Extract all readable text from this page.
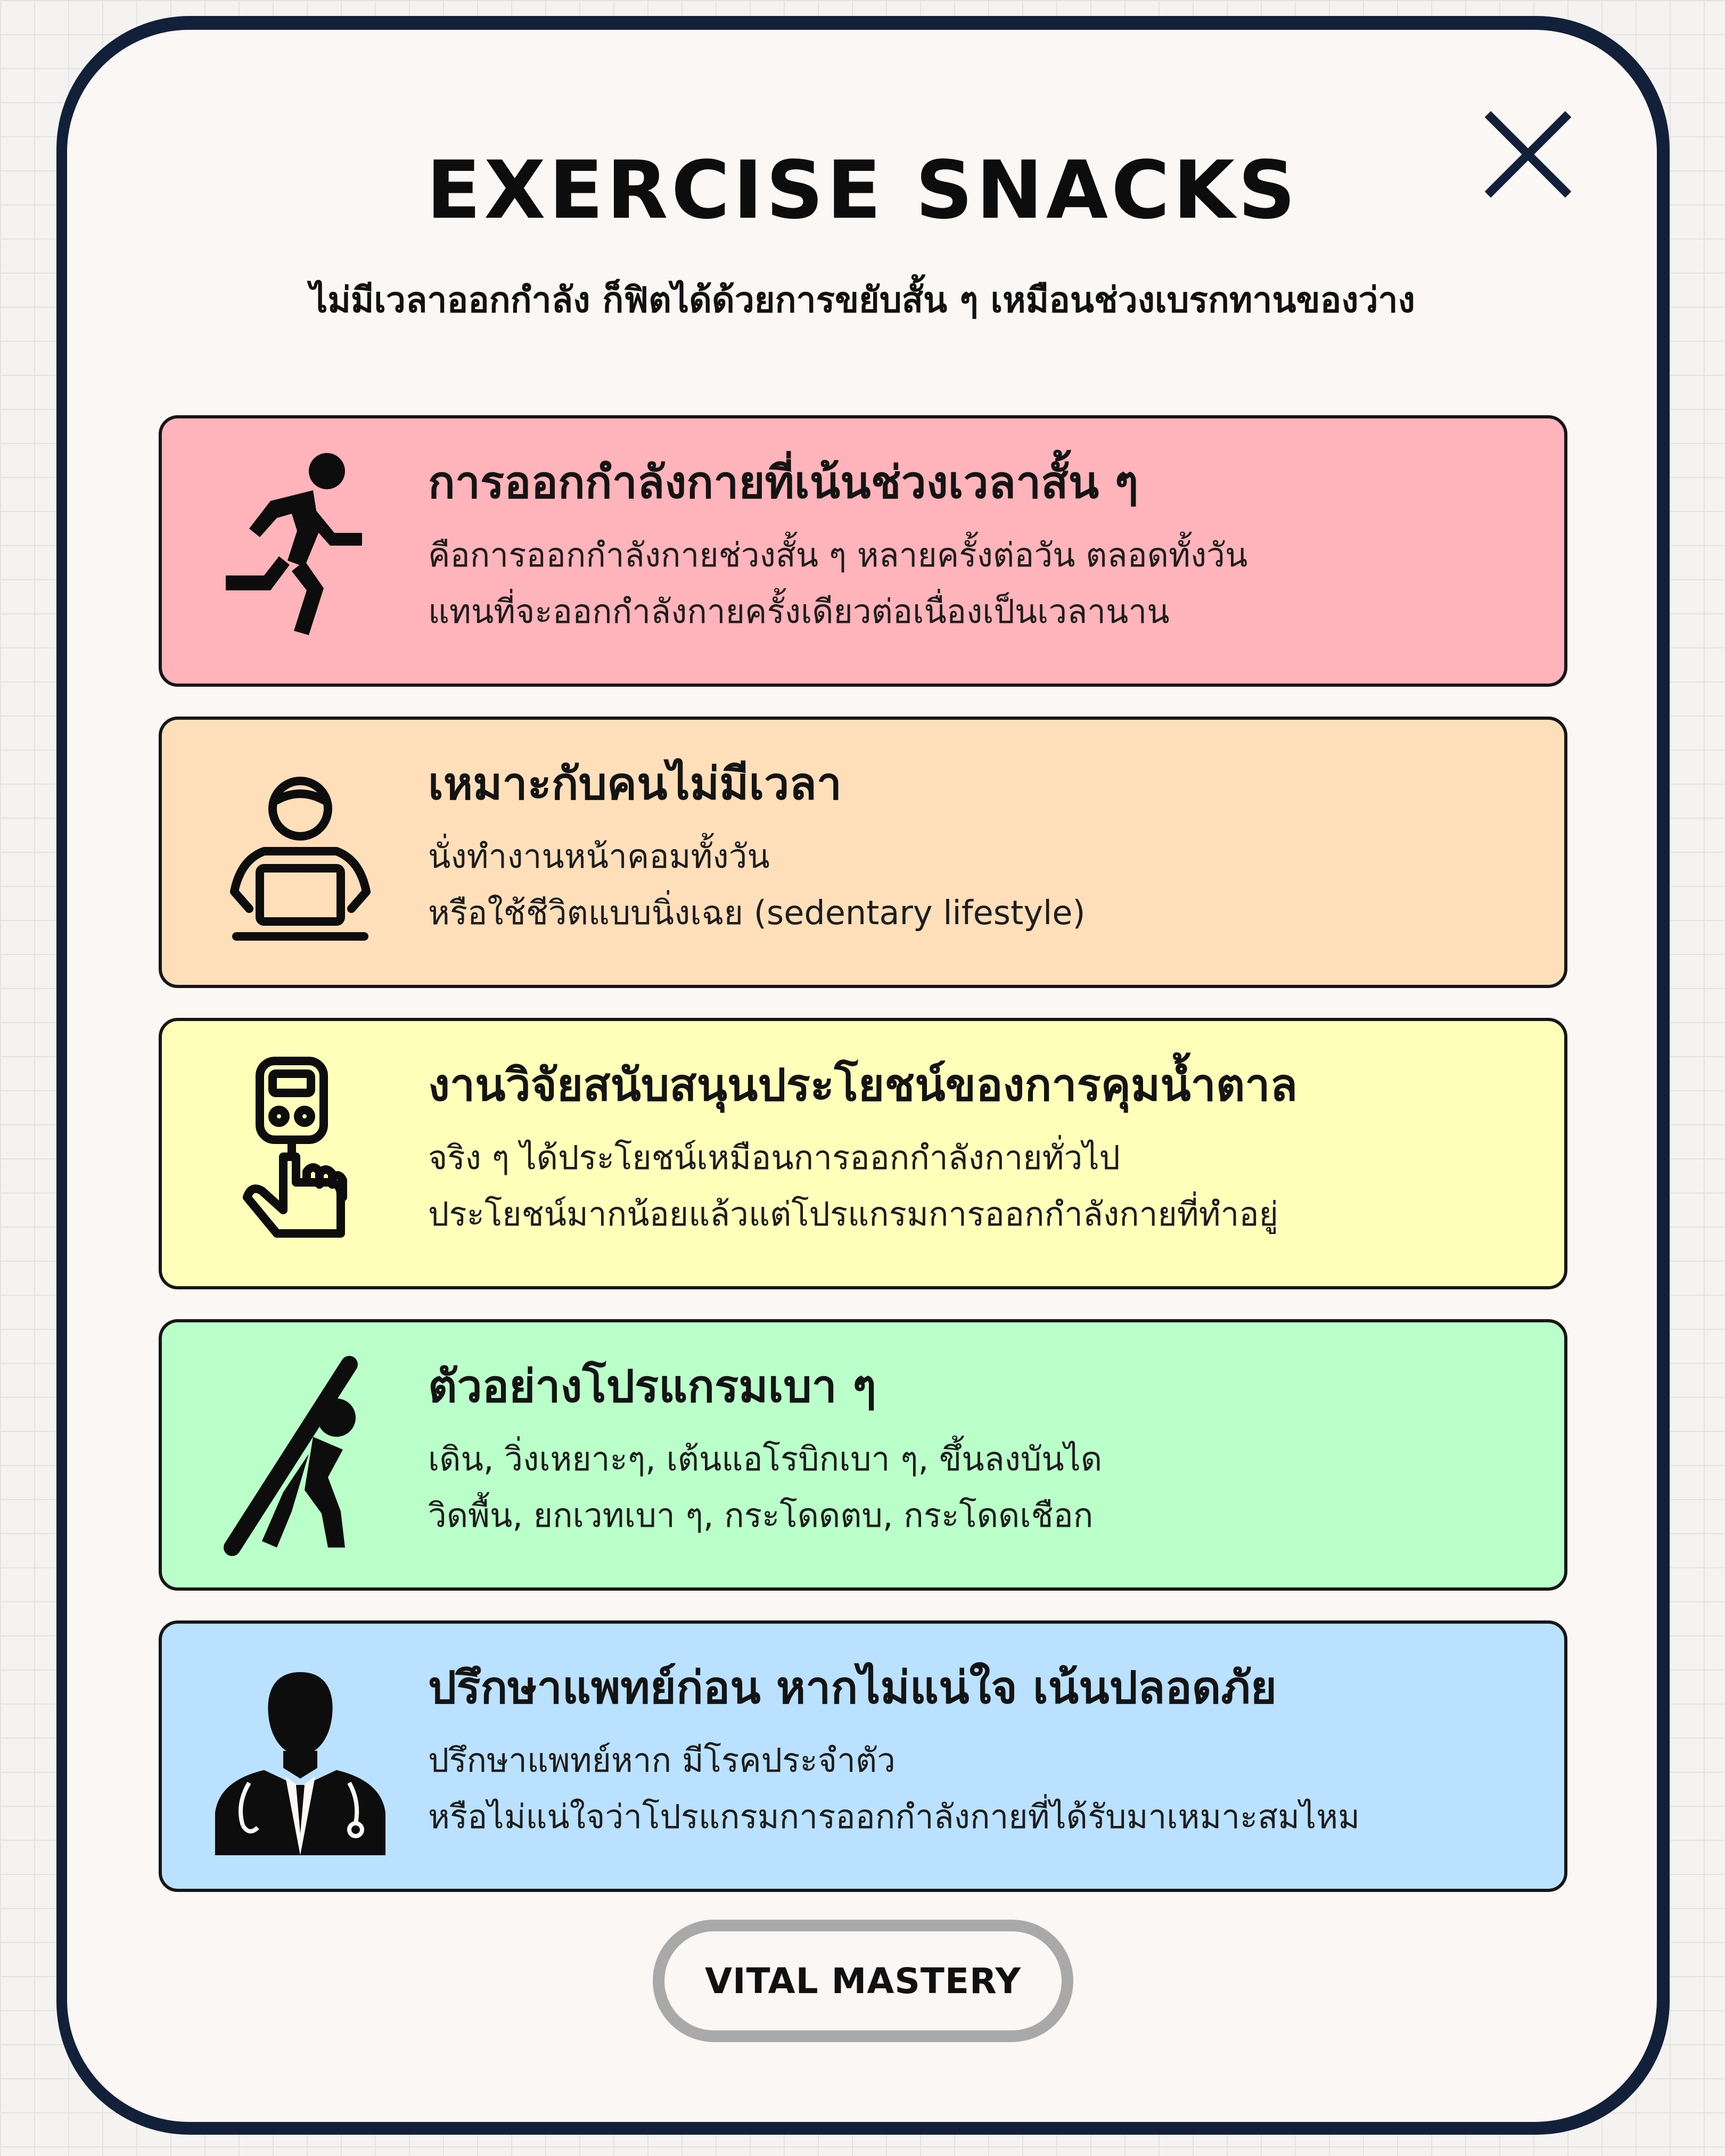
EXERCISE SNACKS
ไม่มีเวลาออกกำลัง ก็ฟิตได้ด้วยการขยับสั้น ๆ เหมือนช่วงเบรกทานของว่าง
การออกกำลังกายที่เน้นช่วงเวลาสั้น ๆ
คือการออกกำลังกายช่วงสั้น ๆ หลายครั้งต่อวัน ตลอดทั้งวัน
แทนที่จะออกกำลังกายครั้งเดียวต่อเนื่องเป็นเวลานาน
เหมาะกับคนไม่มีเวลา
นั่งทำงานหน้าคอมทั้งวัน
หรือใช้ชีวิตแบบนิ่งเฉย (sedentary lifestyle)
งานวิจัยสนับสนุนประโยชน์ของการคุมน้ำตาล
จริง ๆ ได้ประโยชน์เหมือนการออกกำลังกายทั่วไป
ประโยชน์มากน้อยแล้วแต่โปรแกรมการออกกำลังกายที่ทำอยู่
ตัวอย่างโปรแกรมเบา ๆ
เดิน, วิ่งเหยาะๆ, เต้นแอโรบิกเบา ๆ, ขึ้นลงบันได
วิดพื้น, ยกเวทเบา ๆ, กระโดดตบ, กระโดดเชือก
ปรึกษาแพทย์ก่อน หากไม่แน่ใจ เน้นปลอดภัย
ปรึกษาแพทย์หาก มีโรคประจำตัว
หรือไม่แน่ใจว่าโปรแกรมการออกกำลังกายที่ได้รับมาเหมาะสมไหม
VITAL MASTERY
